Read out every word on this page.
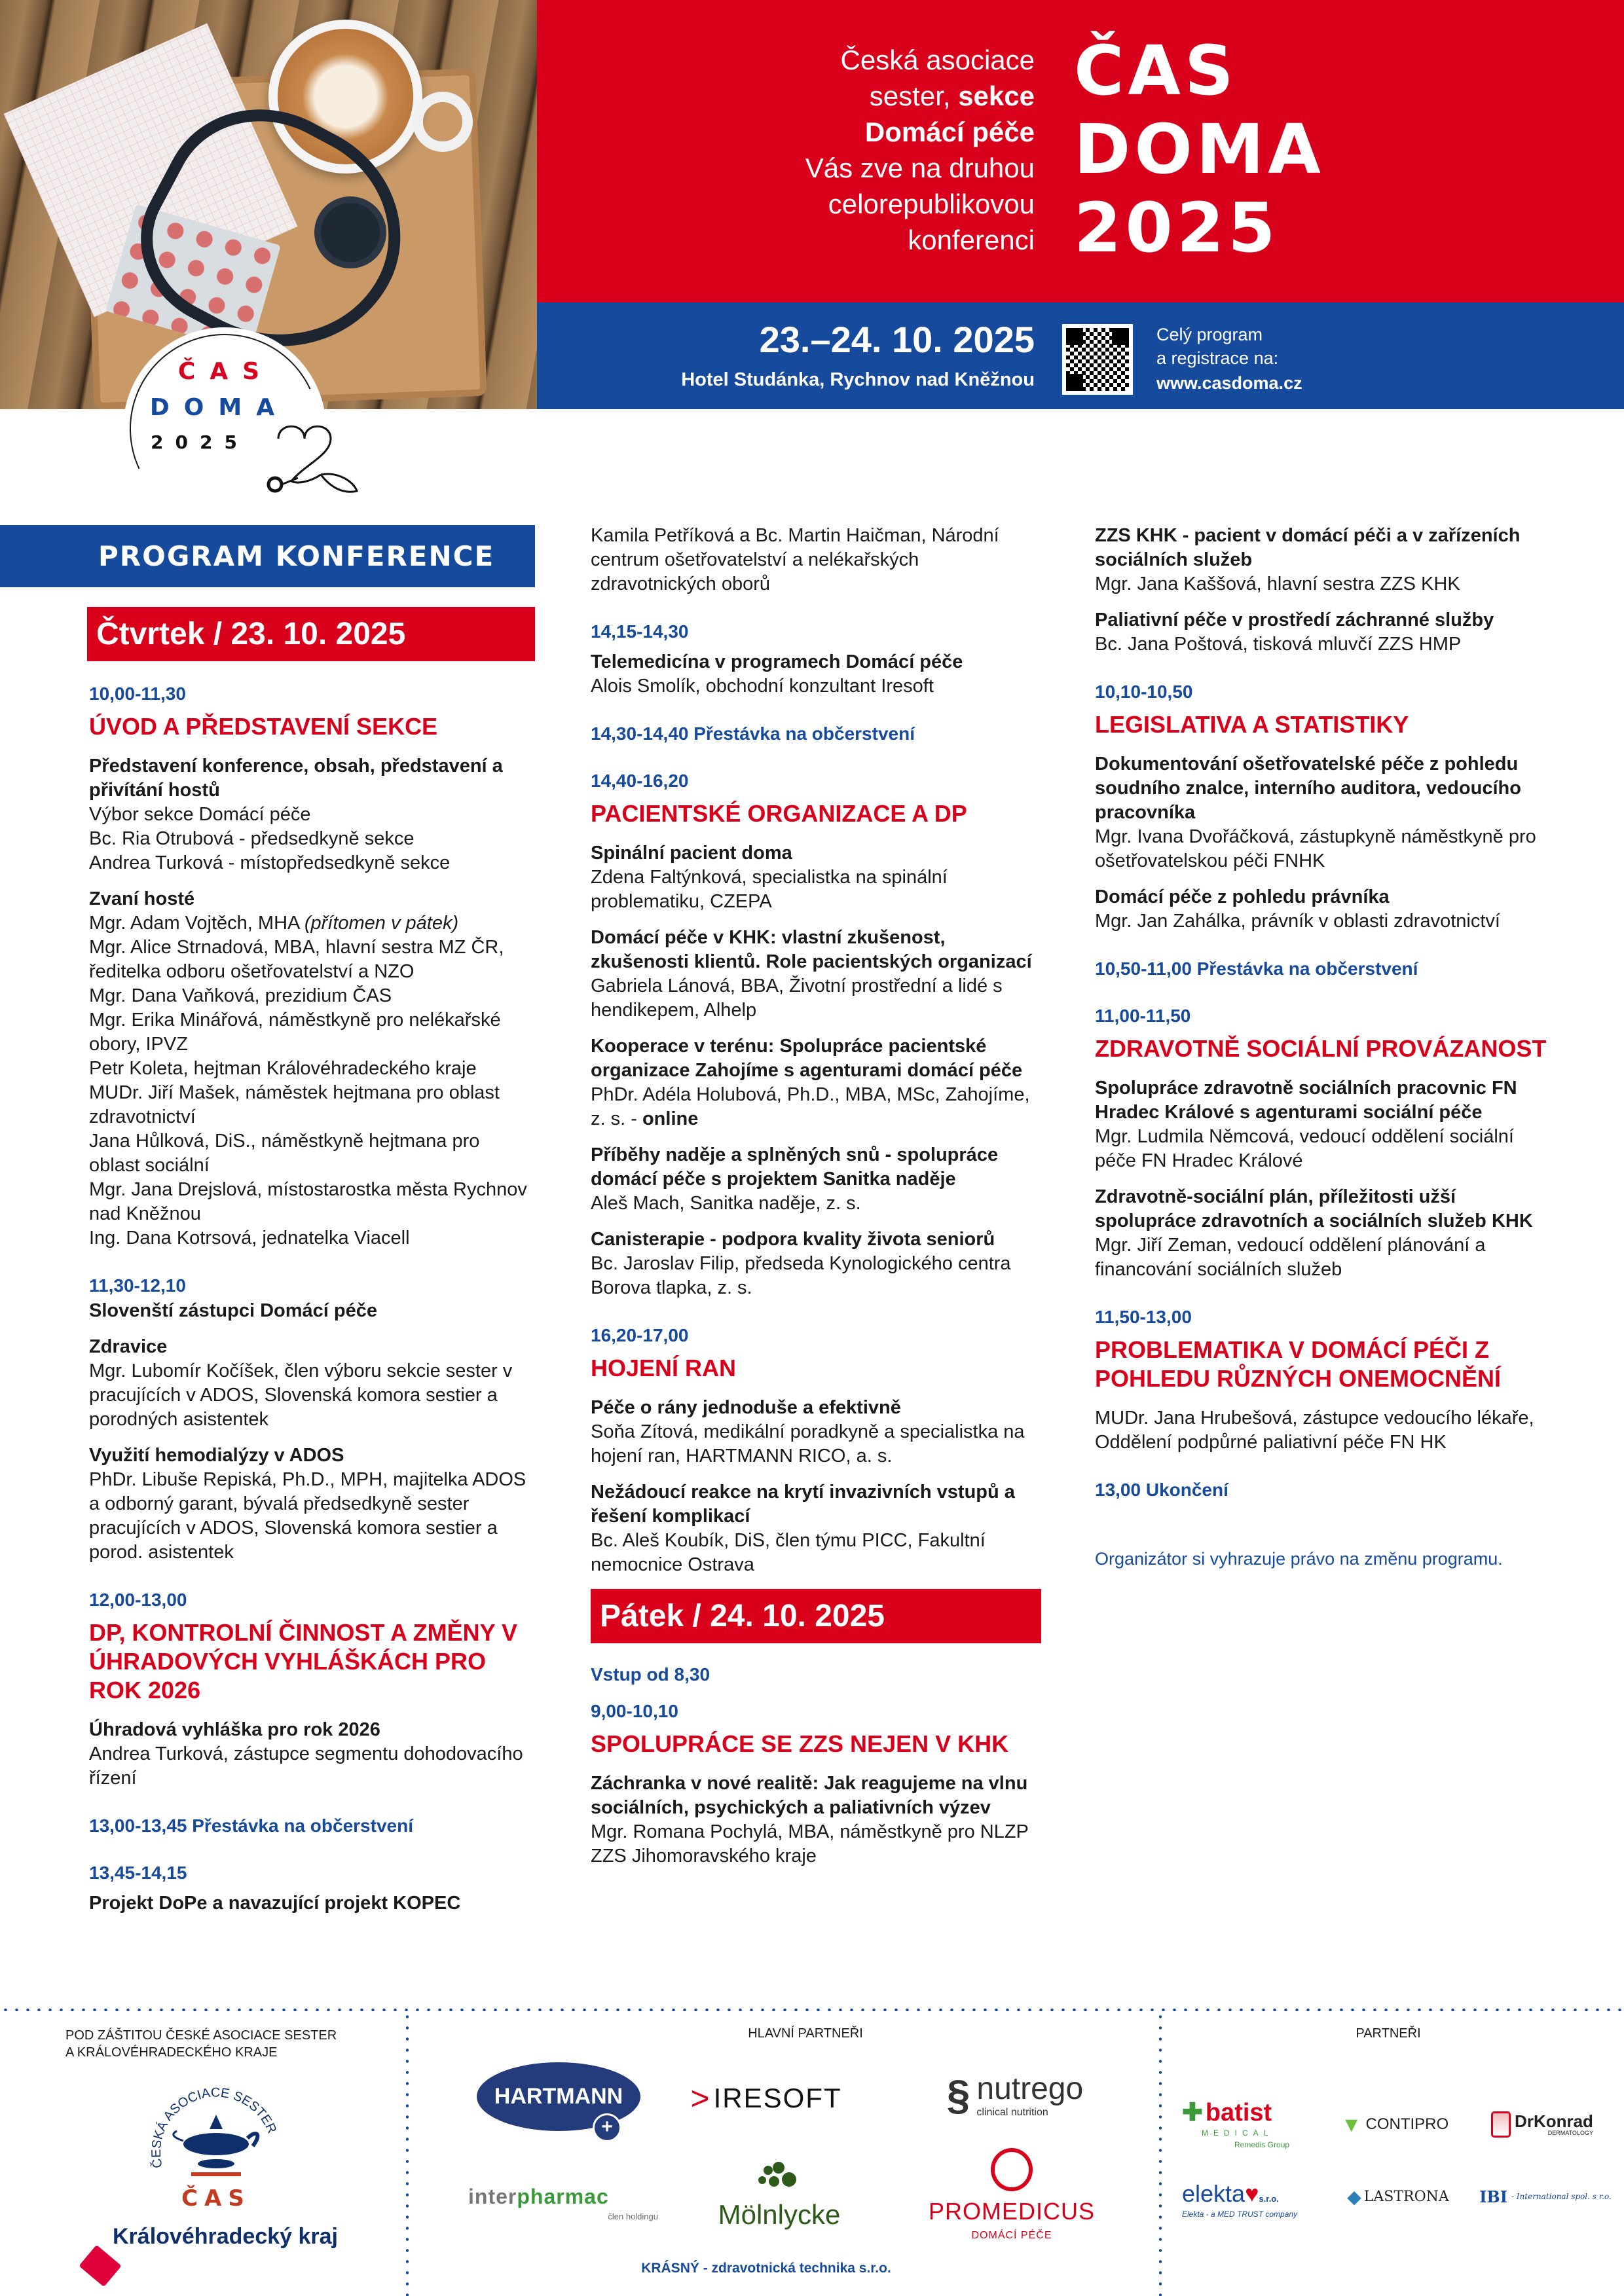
ČAS
DOMA
2025
Česká asociace
sester, sekce
Domácí péče
Vás zve na druhou
celorepublikovou
konferenci
ČAS
DOMA
2025
23.–24. 10. 2025
Hotel Studánka, Rychnov nad Kněžnou
Celý program
a registrace na:
www.casdoma.cz
PROGRAM KONFERENCE
Čtvrtek / 23. 10. 2025
10,00-11,30
ÚVOD A PŘEDSTAVENÍ SEKCE
Představení konference, obsah, představení a přivítání hostů
Výbor sekce Domácí péče
Bc. Ria Otrubová - předsedkyně sekce
Andrea Turková - místopředsedkyně sekce
Zvaní hosté
Mgr. Adam Vojtěch, MHA (přítomen v pátek)
Mgr. Alice Strnadová, MBA, hlavní sestra MZ ČR, ředitelka odboru ošetřovatelství a NZO
Mgr. Dana Vaňková, prezidium ČAS
Mgr. Erika Minářová, náměstkyně pro nelékařské obory, IPVZ
Petr Koleta, hejtman Královéhradeckého kraje
MUDr. Jiří Mašek, náměstek hejtmana pro oblast zdravotnictví
Jana Hůlková, DiS., náměstkyně hejtmana pro oblast sociální
Mgr. Jana Drejslová, místostarostka města Rychnov nad Kněžnou
Ing. Dana Kotrsová, jednatelka Viacell
11,30-12,10
Slovenští zástupci Domácí péče
Zdravice
Mgr. Lubomír Kočíšek, člen výboru sekcie sester v pracujících v ADOS, Slovenská komora sestier a porodných asistentek
Využití hemodialýzy v ADOS
PhDr. Libuše Repiská, Ph.D., MPH, majitelka ADOS a odborný garant, bývalá předsedkyně sester pracujících v ADOS, Slovenská komora sestier a porod. asistentek
12,00-13,00
DP, KONTROLNÍ ČINNOST A ZMĚNY V ÚHRADOVÝCH VYHLÁŠKÁCH PRO ROK 2026
Úhradová vyhláška pro rok 2026
Andrea Turková, zástupce segmentu dohodovacího řízení
13,00-13,45 Přestávka na občerstvení
13,45-14,15
Projekt DoPe a navazující projekt KOPEC
Kamila Petříková a Bc. Martin Haičman, Národní centrum ošetřovatelství a nelékařských zdravotnických oborů
14,15-14,30
Telemedicína v programech Domácí péče
Alois Smolík, obchodní konzultant Iresoft
14,30-14,40 Přestávka na občerstvení
14,40-16,20
PACIENTSKÉ ORGANIZACE A DP
Spinální pacient doma
Zdena Faltýnková, specialistka na spinální problematiku, CZEPA
Domácí péče v KHK: vlastní zkušenost, zkušenosti klientů. Role pacientských organizací
Gabriela Lánová, BBA, Životní prostřední a lidé s hendikepem, Alhelp
Kooperace v terénu: Spolupráce pacientské organizace Zahojíme s agenturami domácí péče
PhDr. Adéla Holubová, Ph.D., MBA, MSc, Zahojíme, z. s. - online
Příběhy naděje a splněných snů - spolupráce domácí péče s projektem Sanitka naděje
Aleš Mach, Sanitka naděje, z. s.
Canisterapie - podpora kvality života seniorů
Bc. Jaroslav Filip, předseda Kynologického centra Borova tlapka, z. s.
16,20-17,00
HOJENÍ RAN
Péče o rány jednoduše a efektivně
Soňa Zítová, medikální poradkyně a specialistka na hojení ran, HARTMANN RICO, a. s.
Nežádoucí reakce na krytí invazivních vstupů a řešení komplikací
Bc. Aleš Koubík, DiS, člen týmu PICC, Fakultní nemocnice Ostrava
Pátek / 24. 10. 2025
Vstup od 8,30
9,00-10,10
SPOLUPRÁCE SE ZZS NEJEN V KHK
Záchranka v nové realitě: Jak reagujeme na vlnu sociálních, psychických a paliativních výzev
Mgr. Romana Pochylá, MBA, náměstkyně pro NLZP ZZS Jihomoravského kraje
ZZS KHK - pacient v domácí péči a v zařízeních sociálních služeb
Mgr. Jana Kaššová, hlavní sestra ZZS KHK
Paliativní péče v prostředí záchranné služby
Bc. Jana Poštová, tisková mluvčí ZZS HMP
10,10-10,50
LEGISLATIVA A STATISTIKY
Dokumentování ošetřovatelské péče z pohledu soudního znalce, interního auditora, vedoucího pracovníka
Mgr. Ivana Dvořáčková, zástupkyně náměstkyně pro ošetřovatelskou péči FNHK
Domácí péče z pohledu právníka
Mgr. Jan Zahálka, právník v oblasti zdravotnictví
10,50-11,00 Přestávka na občerstvení
11,00-11,50
ZDRAVOTNĚ SOCIÁLNÍ PROVÁZANOST
Spolupráce zdravotně sociálních pracovnic FN Hradec Králové s agenturami sociální péče
Mgr. Ludmila Němcová, vedoucí oddělení sociální péče FN Hradec Králové
Zdravotně-sociální plán, příležitosti užší spolupráce zdravotních a sociálních služeb KHK
Mgr. Jiří Zeman, vedoucí oddělení plánování a financování sociálních služeb
11,50-13,00
PROBLEMATIKA V DOMÁCÍ PÉČI Z POHLEDU RŮZNÝCH ONEMOCNĚNÍ
MUDr. Jana Hrubešová, zástupce vedoucího lékaře, Oddělení podpůrné paliativní péče FN HK
13,00 Ukončení
Organizátor si vyhrazuje právo na změnu programu.
POD ZÁŠTITOU ČESKÉ ASOCIACE SESTER
A KRÁLOVÉHRADECKÉHO KRAJE
ČESKÁ ASOCIACE SESTER
ČAS
Královéhradecký kraj
HLAVNÍ PARTNEŘI
HARTMANN
+
> IRESOFT	§ nutrego
clinical nutrition
interpharmac
člen holdingu Mölnlycke	PROMEDICUS
DOMÁCÍ PÉČE
KRÁSNÝ - zdravotnická technika s.r.o.
PARTNEŘI
✚ batist
MEDICAL
Remedis Group
▼ CONTIPRO	DrKonrad
DERMATOLOGY
elekta♥s.r.o.
Elekta - a MED TRUST company
◆ LASTRONA IBI - International spol. s r.o.
